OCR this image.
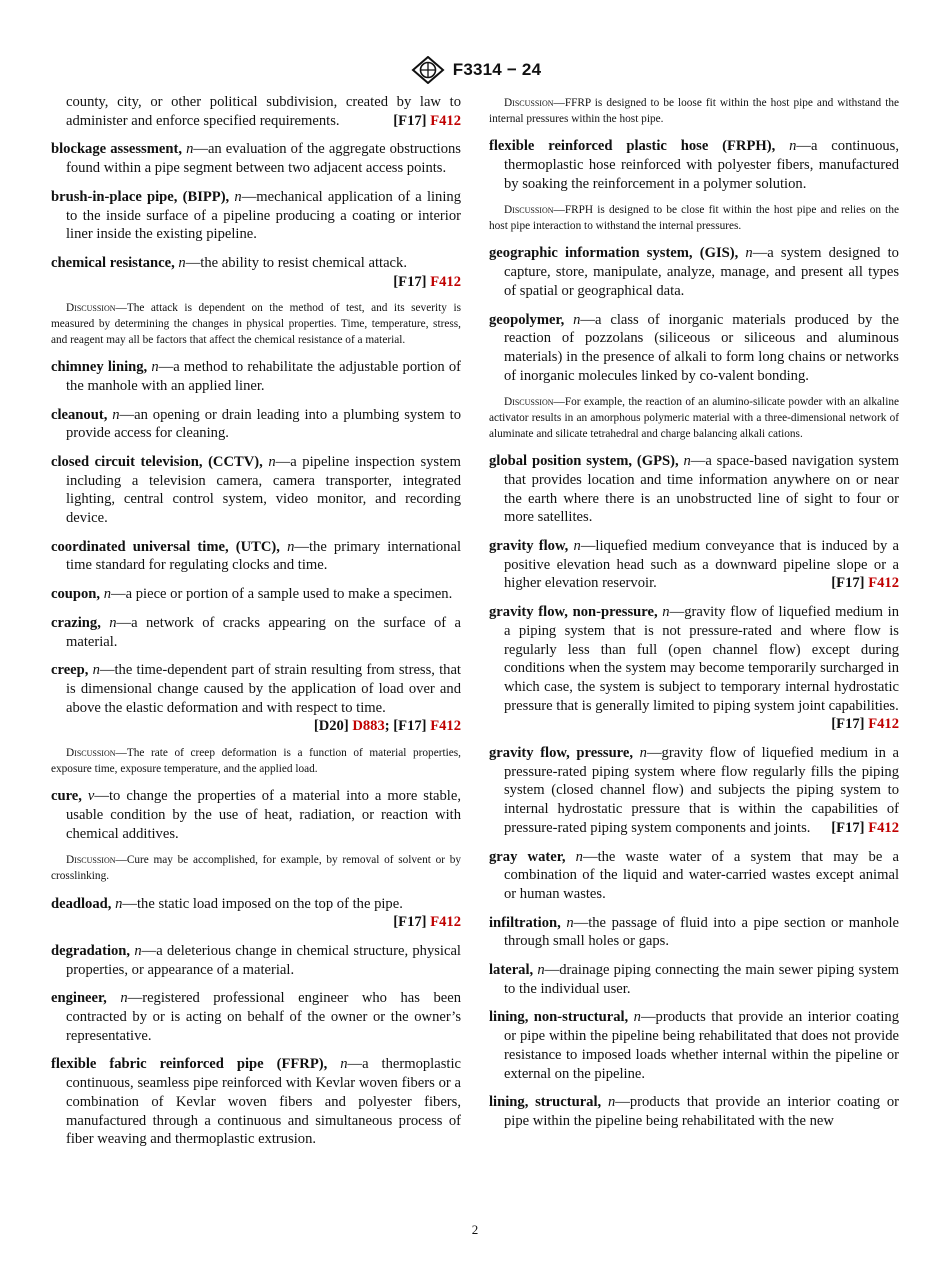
F3314 − 24
county, city, or other political subdivision, created by law to administer and enforce specified requirements.	[F17] F412
blockage assessment, n—an evaluation of the aggregate obstructions found within a pipe segment between two adjacent access points.
brush-in-place pipe, (BIPP), n—mechanical application of a lining to the inside surface of a pipeline producing a coating or interior liner inside the existing pipeline.
chemical resistance, n—the ability to resist chemical attack.
[F17] F412
Discussion—The attack is dependent on the method of test, and its severity is measured by determining the changes in physical properties. Time, temperature, stress, and reagent may all be factors that affect the chemical resistance of a material.
chimney lining, n—a method to rehabilitate the adjustable portion of the manhole with an applied liner.
cleanout, n—an opening or drain leading into a plumbing system to provide access for cleaning.
closed circuit television, (CCTV), n—a pipeline inspection system including a television camera, camera transporter, integrated lighting, central control system, video monitor, and recording device.
coordinated universal time, (UTC), n—the primary international time standard for regulating clocks and time.
coupon, n—a piece or portion of a sample used to make a specimen.
crazing, n—a network of cracks appearing on the surface of a material.
creep, n—the time-dependent part of strain resulting from stress, that is dimensional change caused by the application of load over and above the elastic deformation and with respect to time.
[D20] D883; [F17] F412
Discussion—The rate of creep deformation is a function of material properties, exposure time, exposure temperature, and the applied load.
cure, v—to change the properties of a material into a more stable, usable condition by the use of heat, radiation, or reaction with chemical additives.
Discussion—Cure may be accomplished, for example, by removal of solvent or by crosslinking.
deadload, n—the static load imposed on the top of the pipe.
[F17] F412
degradation, n—a deleterious change in chemical structure, physical properties, or appearance of a material.
engineer, n—registered professional engineer who has been contracted by or is acting on behalf of the owner or the owner’s representative.
flexible fabric reinforced pipe (FFRP), n—a thermoplastic continuous, seamless pipe reinforced with Kevlar woven fibers or a combination of Kevlar woven fibers and polyester fibers, manufactured through a continuous and simultaneous process of fiber weaving and thermoplastic extrusion.
Discussion—FFRP is designed to be loose fit within the host pipe and withstand the internal pressures within the host pipe.
flexible reinforced plastic hose (FRPH), n—a continuous, thermoplastic hose reinforced with polyester fibers, manufactured by soaking the reinforcement in a polymer solution.
Discussion—FRPH is designed to be close fit within the host pipe and relies on the host pipe interaction to withstand the internal pressures.
geographic information system, (GIS), n—a system designed to capture, store, manipulate, analyze, manage, and present all types of spatial or geographical data.
geopolymer, n—a class of inorganic materials produced by the reaction of pozzolans (siliceous or siliceous and aluminous materials) in the presence of alkali to form long chains or networks of inorganic molecules linked by co-valent bonding.
Discussion—For example, the reaction of an alumino-silicate powder with an alkaline activator results in an amorphous polymeric material with a three-dimensional network of aluminate and silicate tetrahedral and charge balancing alkali cations.
global position system, (GPS), n—a space-based navigation system that provides location and time information anywhere on or near the earth where there is an unobstructed line of sight to four or more satellites.
gravity flow, n—liquefied medium conveyance that is induced by a positive elevation head such as a downward pipeline slope or a higher elevation reservoir.	[F17] F412
gravity flow, non-pressure, n—gravity flow of liquefied medium in a piping system that is not pressure-rated and where flow is regularly less than full (open channel flow) except during conditions when the system may become temporarily surcharged in which case, the system is subject to temporary internal hydrostatic pressure that is generally limited to piping system joint capabilities.
[F17] F412
gravity flow, pressure, n—gravity flow of liquefied medium in a pressure-rated piping system where flow regularly fills the piping system (closed channel flow) and subjects the piping system to internal hydrostatic pressure that is within the capabilities of pressure-rated piping system components and joints. [F17] F412
gray water, n—the waste water of a system that may be a combination of the liquid and water-carried wastes except animal or human wastes.
infiltration, n—the passage of fluid into a pipe section or manhole through small holes or gaps.
lateral, n—drainage piping connecting the main sewer piping system to the individual user.
lining, non-structural, n—products that provide an interior coating or pipe within the pipeline being rehabilitated that does not provide resistance to imposed loads whether internal within the pipeline or external on the pipeline.
lining, structural, n—products that provide an interior coating or pipe within the pipeline being rehabilitated with the new
2
